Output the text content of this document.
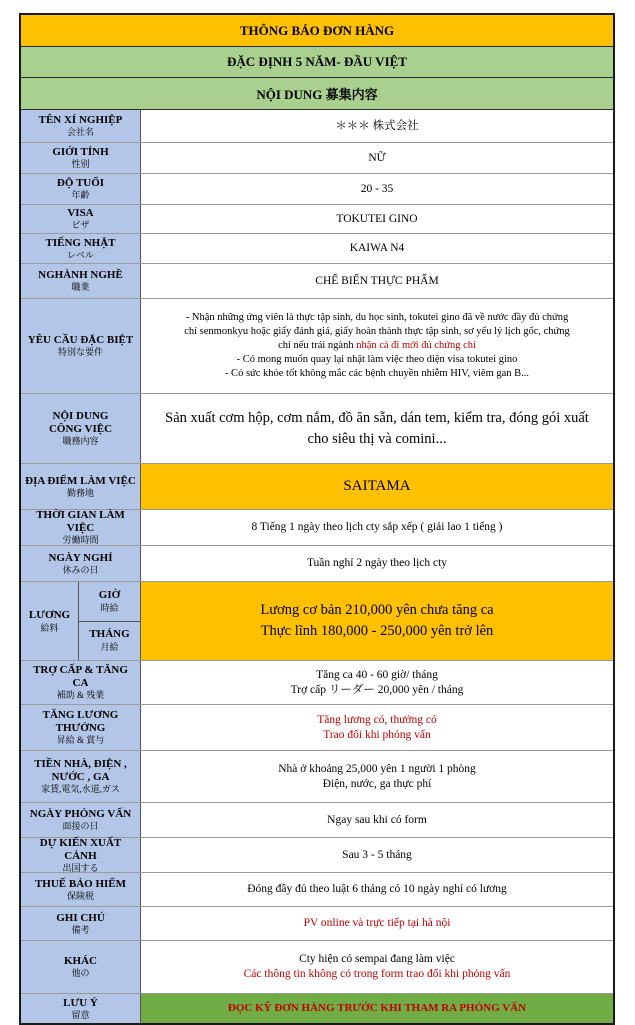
THÔNG BÁO ĐƠN HÀNG
ĐẶC ĐỊNH 5 NĂM- ĐẦU VIỆT
NỘI DUNG 募集内容
TÊN XÍ NGHIỆP
会社名
＊＊＊ 株式会社
GIỚI TÍNH
性别
NỮ
ĐỘ TUỔI
年齢
20 - 35
VISA
ビザ
TOKUTEI GINO
TIẾNG NHẬT
レベル
KAIWA N4
NGHÀNH NGHỀ
職業
CHẾ BIẾN THỰC PHẨM
YÊU CẦU ĐẶC BIỆT
特別な要件
- Nhận những ứng viên là thực tập sinh, du học sinh, tokutei gino đã về nước đầy đủ chứng
chỉ senmonkyu hoặc giấy đánh giá, giấy hoàn thành thực tập sinh, sơ yếu lý lịch gốc, chứng
chỉ nếu trái ngành nhận cả đi mới đủ chứng chỉ
- Có mong muốn quay lại nhật làm việc theo diện visa tokutei gino
- Có sức khỏe tốt không mắc các bệnh chuyền nhiễm HIV, viêm gan B...
NỘI DUNG
CÔNG VIỆC
職務内容
Sản xuất cơm hộp, cơm nắm, đồ ăn sẵn, dán tem, kiểm tra, đóng gói xuất
cho siêu thị và comini...
ĐỊA ĐIỂM LÀM VIỆC
勤務地	SAITAMA
THỜI GIAN LÀM VIỆC
労働時間
8 Tiếng 1 ngày theo lịch cty sắp xếp ( giải lao 1 tiếng )
NGÀY NGHỈ
休みの日
Tuần nghỉ 2 ngày theo lịch cty
LƯƠNG
給料
GIỜ
時給
THÁNG
月給
Lương cơ bản 210,000 yên chưa tăng ca
Thực lĩnh 180,000 - 250,000 yên trở lên
TRỢ CẤP & TĂNG
CA
補助 & 残業
Tăng ca 40 - 60 giờ/ tháng
Trợ cấp リーダー 20,000 yên / tháng
TĂNG LƯƠNG
THƯỞNG
昇給 & 賞与
Tăng lương có, thưởng có
Trao đổi khi phỏng vấn
TIỀN NHÀ, ĐIỆN ,
NƯỚC , GA
家賃,電気,水道,ガス
Nhà ở khoảng 25,000 yên 1 người 1 phòng
Điện, nước, ga thực phí
NGÀY PHỎNG VẤN
面接の日
Ngay sau khi có form
DỰ KIẾN XUẤT CẢNH
出国する
Sau 3 - 5 tháng
THUẾ BẢO HIỂM
保険税
Đóng đầy đủ theo luật 6 tháng có 10 ngày nghỉ có lương
GHI CHÚ
備考
PV online và trực tiếp tại hà nội
KHÁC
他の
Cty hiện có sempai đang làm việc
Các thông tin không có trong form trao đổi khi phỏng vấn
LƯU Ý
留意
ĐỌC KỸ ĐƠN HÀNG TRƯỚC KHI THAM RA PHỎNG VẤN
